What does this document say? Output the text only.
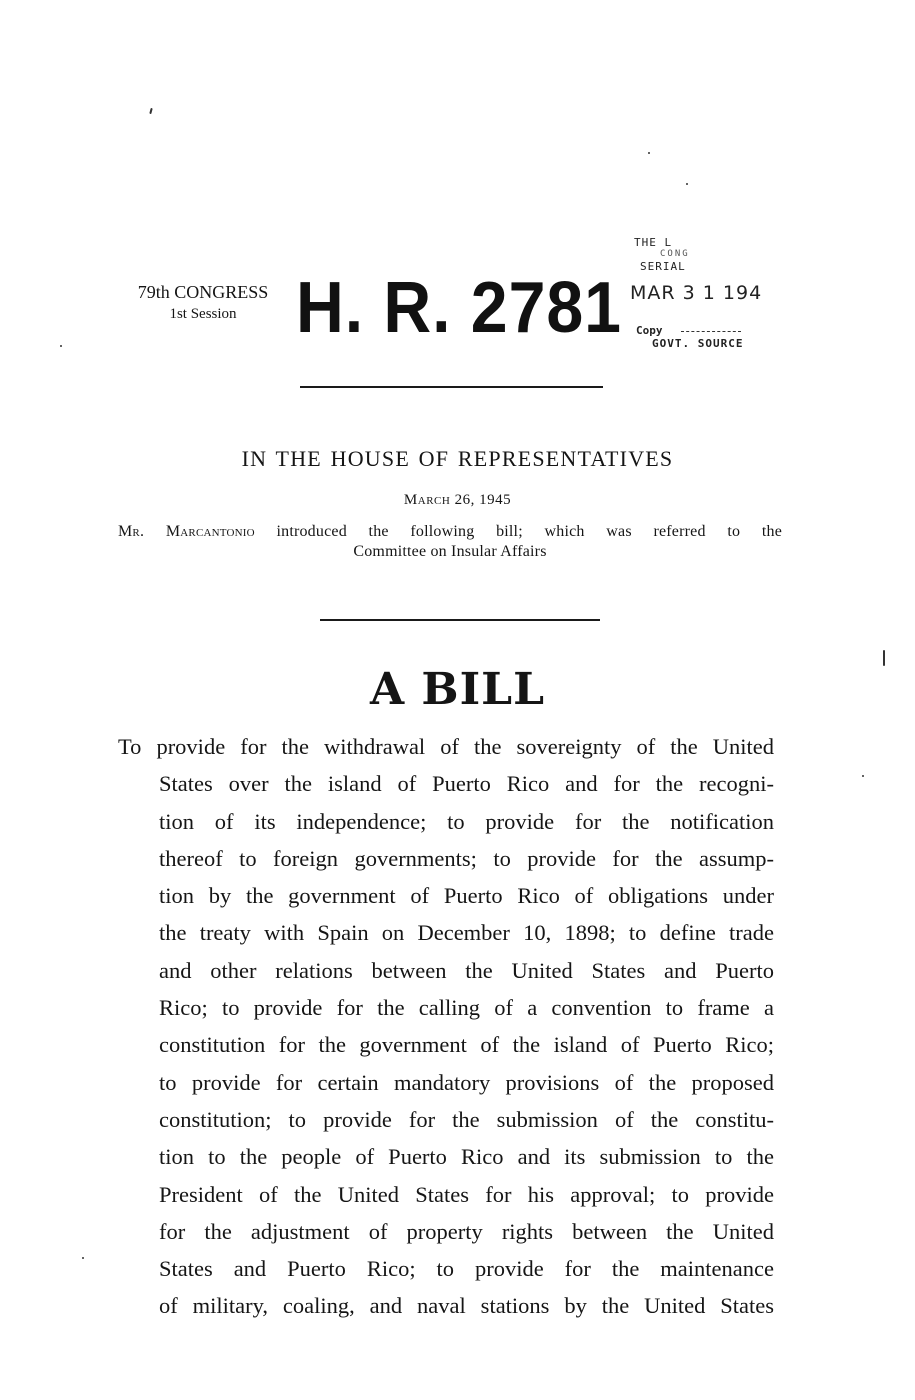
79th CONGRESS
1st Session H. R. 2781
THE L
CONG
SERIAL
MAR 3 1 194
Copy
GOVT. SOURCE
IN THE HOUSE OF REPRESENTATIVES
March 26, 1945
Mr. Marcantonio introduced the following bill; which was referred to the
Committee on Insular Affairs
A BILL
To provide for the withdrawal of the sovereignty of the United
States over the island of Puerto Rico and for the recogni-
tion of its independence; to provide for the notification
thereof to foreign governments; to provide for the assump-
tion by the government of Puerto Rico of obligations under
the treaty with Spain on December 10, 1898; to define trade
and other relations between the United States and Puerto
Rico; to provide for the calling of a convention to frame a
constitution for the government of the island of Puerto Rico;
to provide for certain mandatory provisions of the proposed
constitution; to provide for the submission of the constitu-
tion to the people of Puerto Rico and its submission to the
President of the United States for his approval; to provide
for the adjustment of property rights between the United
States and Puerto Rico; to provide for the maintenance
of military, coaling, and naval stations by the United States
